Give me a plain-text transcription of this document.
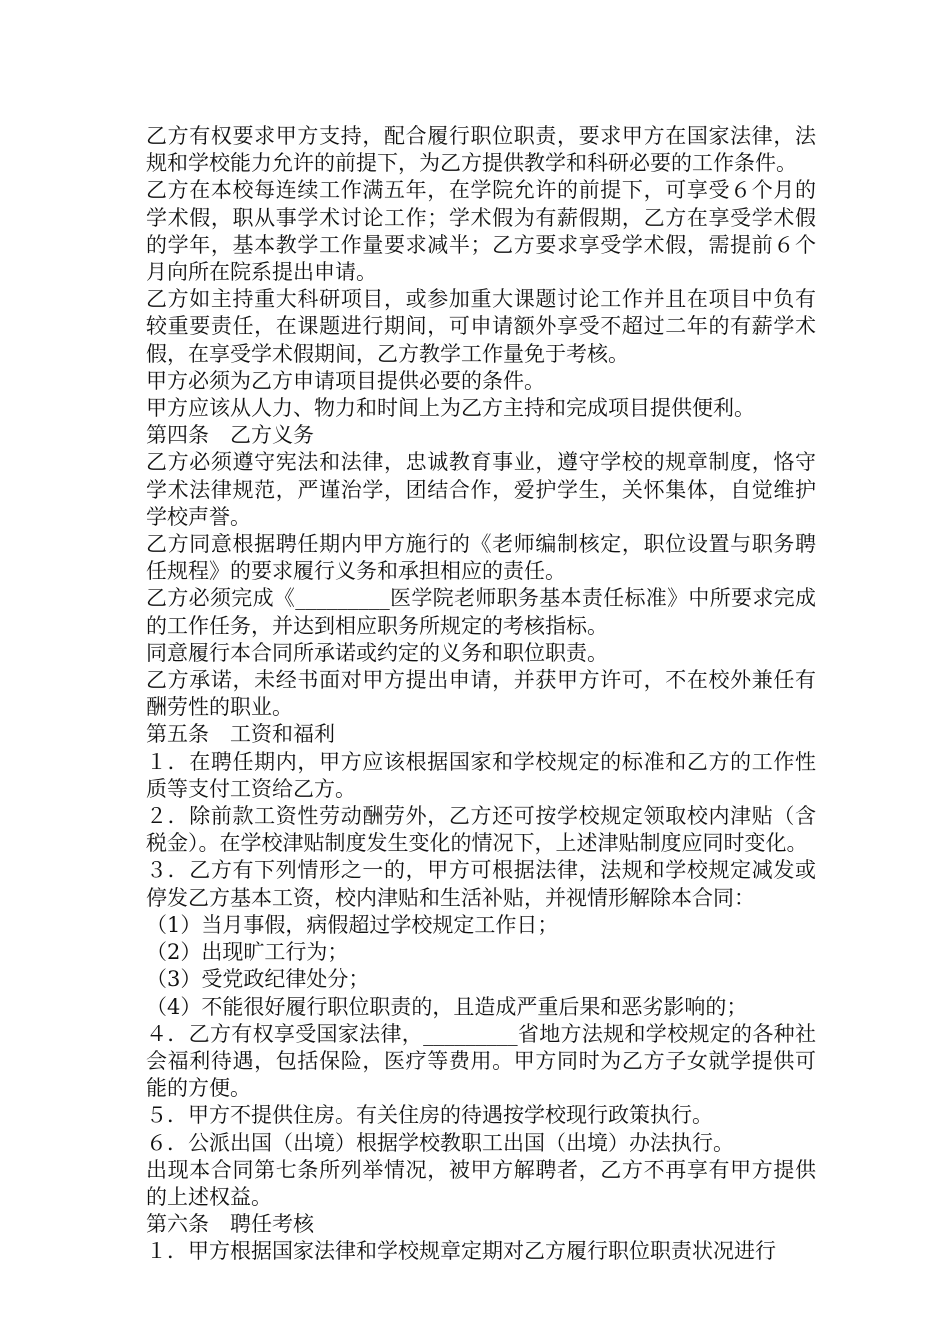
乙方有权要求甲方支持，配合履行职位职责，要求甲方在国家法律，法规和学校能力允许的前提下，为乙方提供教学和科研必要的工作条件。

乙方在本校每连续工作满五年，在学院允许的前提下，可享受６个月的学术假，职从事学术讨论工作；学术假为有薪假期，乙方在享受学术假的学年，基本教学工作量要求减半；乙方要求享受学术假，需提前６个月向所在院系提出申请。

乙方如主持重大科研项目，或参加重大课题讨论工作并且在项目中负有较重要责任，在课题进行期间，可申请额外享受不超过二年的有薪学术假，在享受学术假期间，乙方教学工作量免于考核。

甲方必须为乙方申请项目提供必要的条件。

甲方应该从人力、物力和时间上为乙方主持和完成项目提供便利。

第四条　乙方义务

乙方必须遵守宪法和法律，忠诚教育事业，遵守学校的规章制度，恪守学术法律规范，严谨治学，团结合作，爱护学生，关怀集体，自觉维护学校声誉。

乙方同意根据聘任期内甲方施行的《老师编制核定，职位设置与职务聘任规程》的要求履行义务和承担相应的责任。

乙方必须完成《_________医学院老师职务基本责任标准》中所要求完成的工作任务，并达到相应职务所规定的考核指标。

同意履行本合同所承诺或约定的义务和职位职责。

乙方承诺，未经书面对甲方提出申请，并获甲方许可，不在校外兼任有酬劳性的职业。

第五条　工资和福利

１．在聘任期内，甲方应该根据国家和学校规定的标准和乙方的工作性质等支付工资给乙方。

２．除前款工资性劳动酬劳外，乙方还可按学校规定领取校内津贴（含税金）。在学校津贴制度发生变化的情况下，上述津贴制度应同时变化。

３．乙方有下列情形之一的，甲方可根据法律，法规和学校规定减发或停发乙方基本工资，校内津贴和生活补贴，并视情形解除本合同：

（1）当月事假，病假超过学校规定工作日；

（2）出现旷工行为；

（3）受党政纪律处分；

（4）不能很好履行职位职责的，且造成严重后果和恶劣影响的；

４．乙方有权享受国家法律，_________省地方法规和学校规定的各种社会福利待遇，包括保险，医疗等费用。甲方同时为乙方子女就学提供可能的方便。

５．甲方不提供住房。有关住房的待遇按学校现行政策执行。

６．公派出国（出境）根据学校教职工出国（出境）办法执行。

出现本合同第七条所列举情况，被甲方解聘者，乙方不再享有甲方提供的上述权益。

第六条　聘任考核

１．甲方根据国家法律和学校规章定期对乙方履行职位职责状况进行
